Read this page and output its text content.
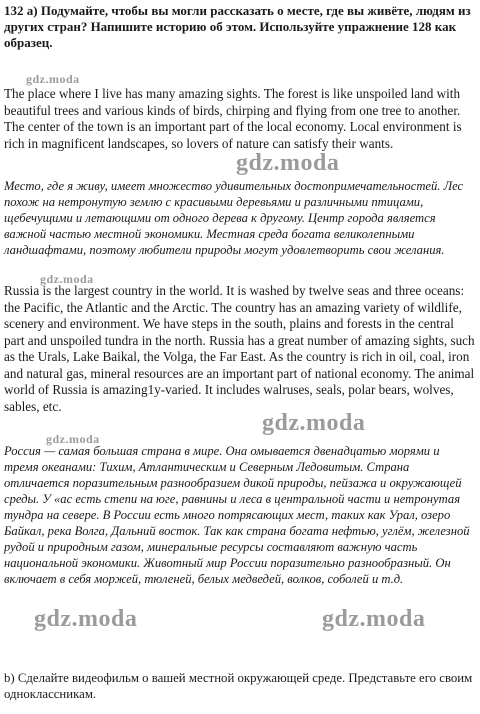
132 а) Подумайте, чтобы вы могли рассказать о месте, где вы живёте, людям из других стран? Напишите историю об этом. Используйте упражнение 128 как образец.
gdz.moda
The place where I live has many amazing sights. The forest is like unspoiled land with beautiful trees and various kinds of birds, chirping and flying from one tree to another. The center of the town is an important part of the local economy. Local environment is rich in magnificent landscapes, so lovers of nature can satisfy their wants.
gdz.moda
Место, где я живу, имеет множество удивительных достопримечательностей. Лес похож на нетронутую землю с красивыми деревьями и различными птицами, щебечущими и летающими от одного дерева к другому. Центр города является важной частью местной экономики. Местная среда богата великолепными ландшафтами, поэтому любители природы могут удовлетворить свои желания.
gdz.moda
Russia is the largest country in the world. It is washed by twelve seas and three oceans: the Pacific, the Atlantic and the Arctic. The country has an amazing variety of wildlife, scenery and environment. We have steps in the south, plains and forests in the central part and unspoiled tundra in the north. Russia has a great number of amazing sights, such as the Urals, Lake Baikal, the Volga, the Far East. As the country is rich in oil, coal, iron and natural gas, mineral resources are an important part of national economy. The animal world of Russia is amazing1y-varied. It includes walruses, seals, polar bears, wolves, sables, etc.
gdz.moda
gdz.moda
Россия — самая большая страна в мире. Она омывается двенадцатью морями и тремя океанами: Тихим, Атлантическим и Северным Ледовитым. Страна отличается поразительным разнообразием дикой природы, пейзажа и окружающей среды. У «ас есть степи на юге, равнины и леса в центральной части и нетронутая тундра на севере. В России есть много потрясающих мест, таких как Урал, озеро Байкал, река Волга, Дальний восток. Так как страна богата нефтью, углём, железной рудой и природным газом, минеральные ресурсы составляют важную часть национальной экономики. Животный мир России поразительно разнообразный. Он включает в себя моржей, тюленей, белых медведей, волков, соболей и т.д.
gdz.moda	gdz.moda
b) Сделайте видеофильм о вашей местной окружающей среде. Представьте его своим одноклассникам.
